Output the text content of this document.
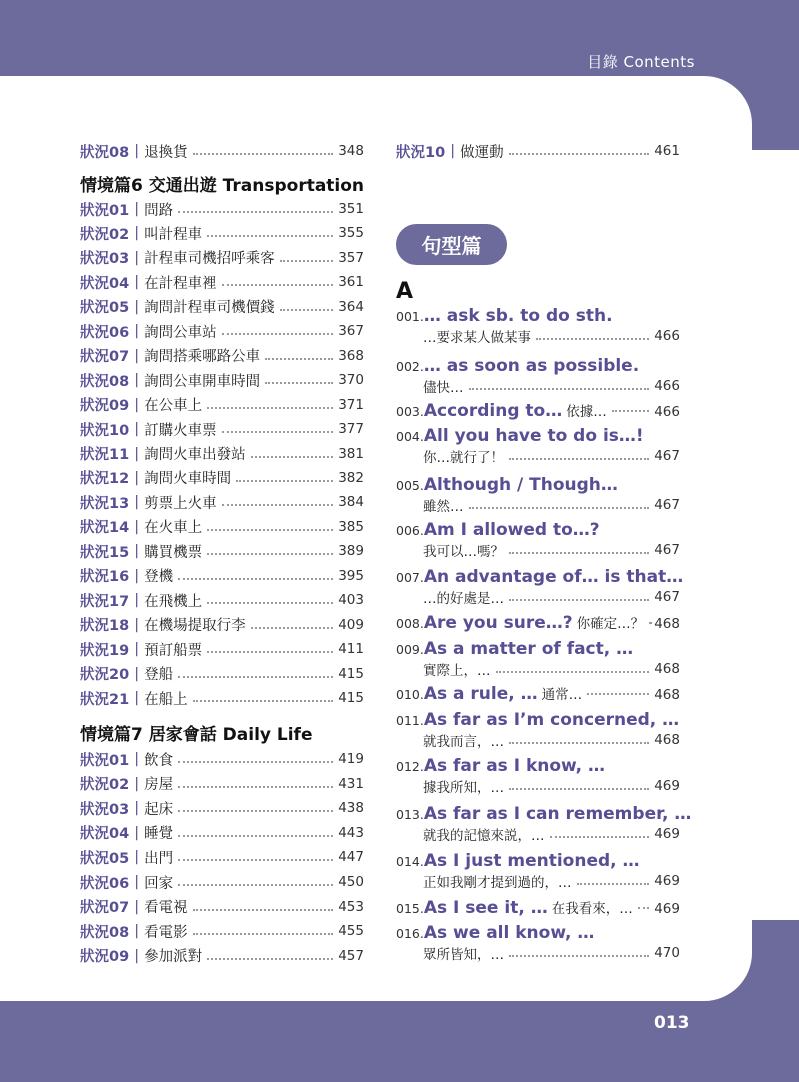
目錄 Contents
狀況08 | 退換貨	348
情境篇6 交通出遊 Transportation
狀況01 | 問路	351
狀況02 | 叫計程車	355
狀況03 | 計程車司機招呼乘客	357
狀況04 | 在計程車裡	361
狀況05 | 詢問計程車司機價錢	364
狀況06 | 詢問公車站	367
狀況07 | 詢問搭乘哪路公車	368
狀況08 | 詢問公車開車時間	370
狀況09 | 在公車上	371
狀況10 | 訂購火車票	377
狀況11 | 詢問火車出發站	381
狀況12 | 詢問火車時間	382
狀況13 | 剪票上火車	384
狀況14 | 在火車上	385
狀況15 | 購買機票	389
狀況16 | 登機	395
狀況17 | 在飛機上	403
狀況18 | 在機場提取行李	409
狀況19 | 預訂船票	411
狀況20 | 登船	415
狀況21 | 在船上	415
情境篇7 居家會話 Daily Life
狀況01 | 飲食	419
狀況02 | 房屋	431
狀況03 | 起床	438
狀況04 | 睡覺	443
狀況05 | 出門	447
狀況06 | 回家	450
狀況07 | 看電視	453
狀況08 | 看電影	455
狀況09 | 參加派對	457
狀況10 | 做運動	461
句型篇
A
001. … ask sb. to do sth.
…要求某人做某事	466
002. … as soon as possible.
儘快…	466
003. According to… 依據…	466
004. All you have to do is…!
你…就行了！	467
005. Although / Though…
雖然…	467
006. Am I allowed to…?
我可以…嗎？	467
007. An advantage of… is that…
…的好處是…	467
008. Are you sure…? 你確定…？ 468
009. As a matter of fact, …
實際上，…	468
010. As a rule, … 通常…	468
011. As far as I’m concerned, …
就我而言，…	468
012. As far as I know, …
據我所知，…	469
013. As far as I can remember, …
就我的記憶來説，…	469
014. As I just mentioned, …
正如我剛才提到過的，…	469
015. As I see it, … 在我看來，… 469
016. As we all know, …
眾所皆知，…	470
013
